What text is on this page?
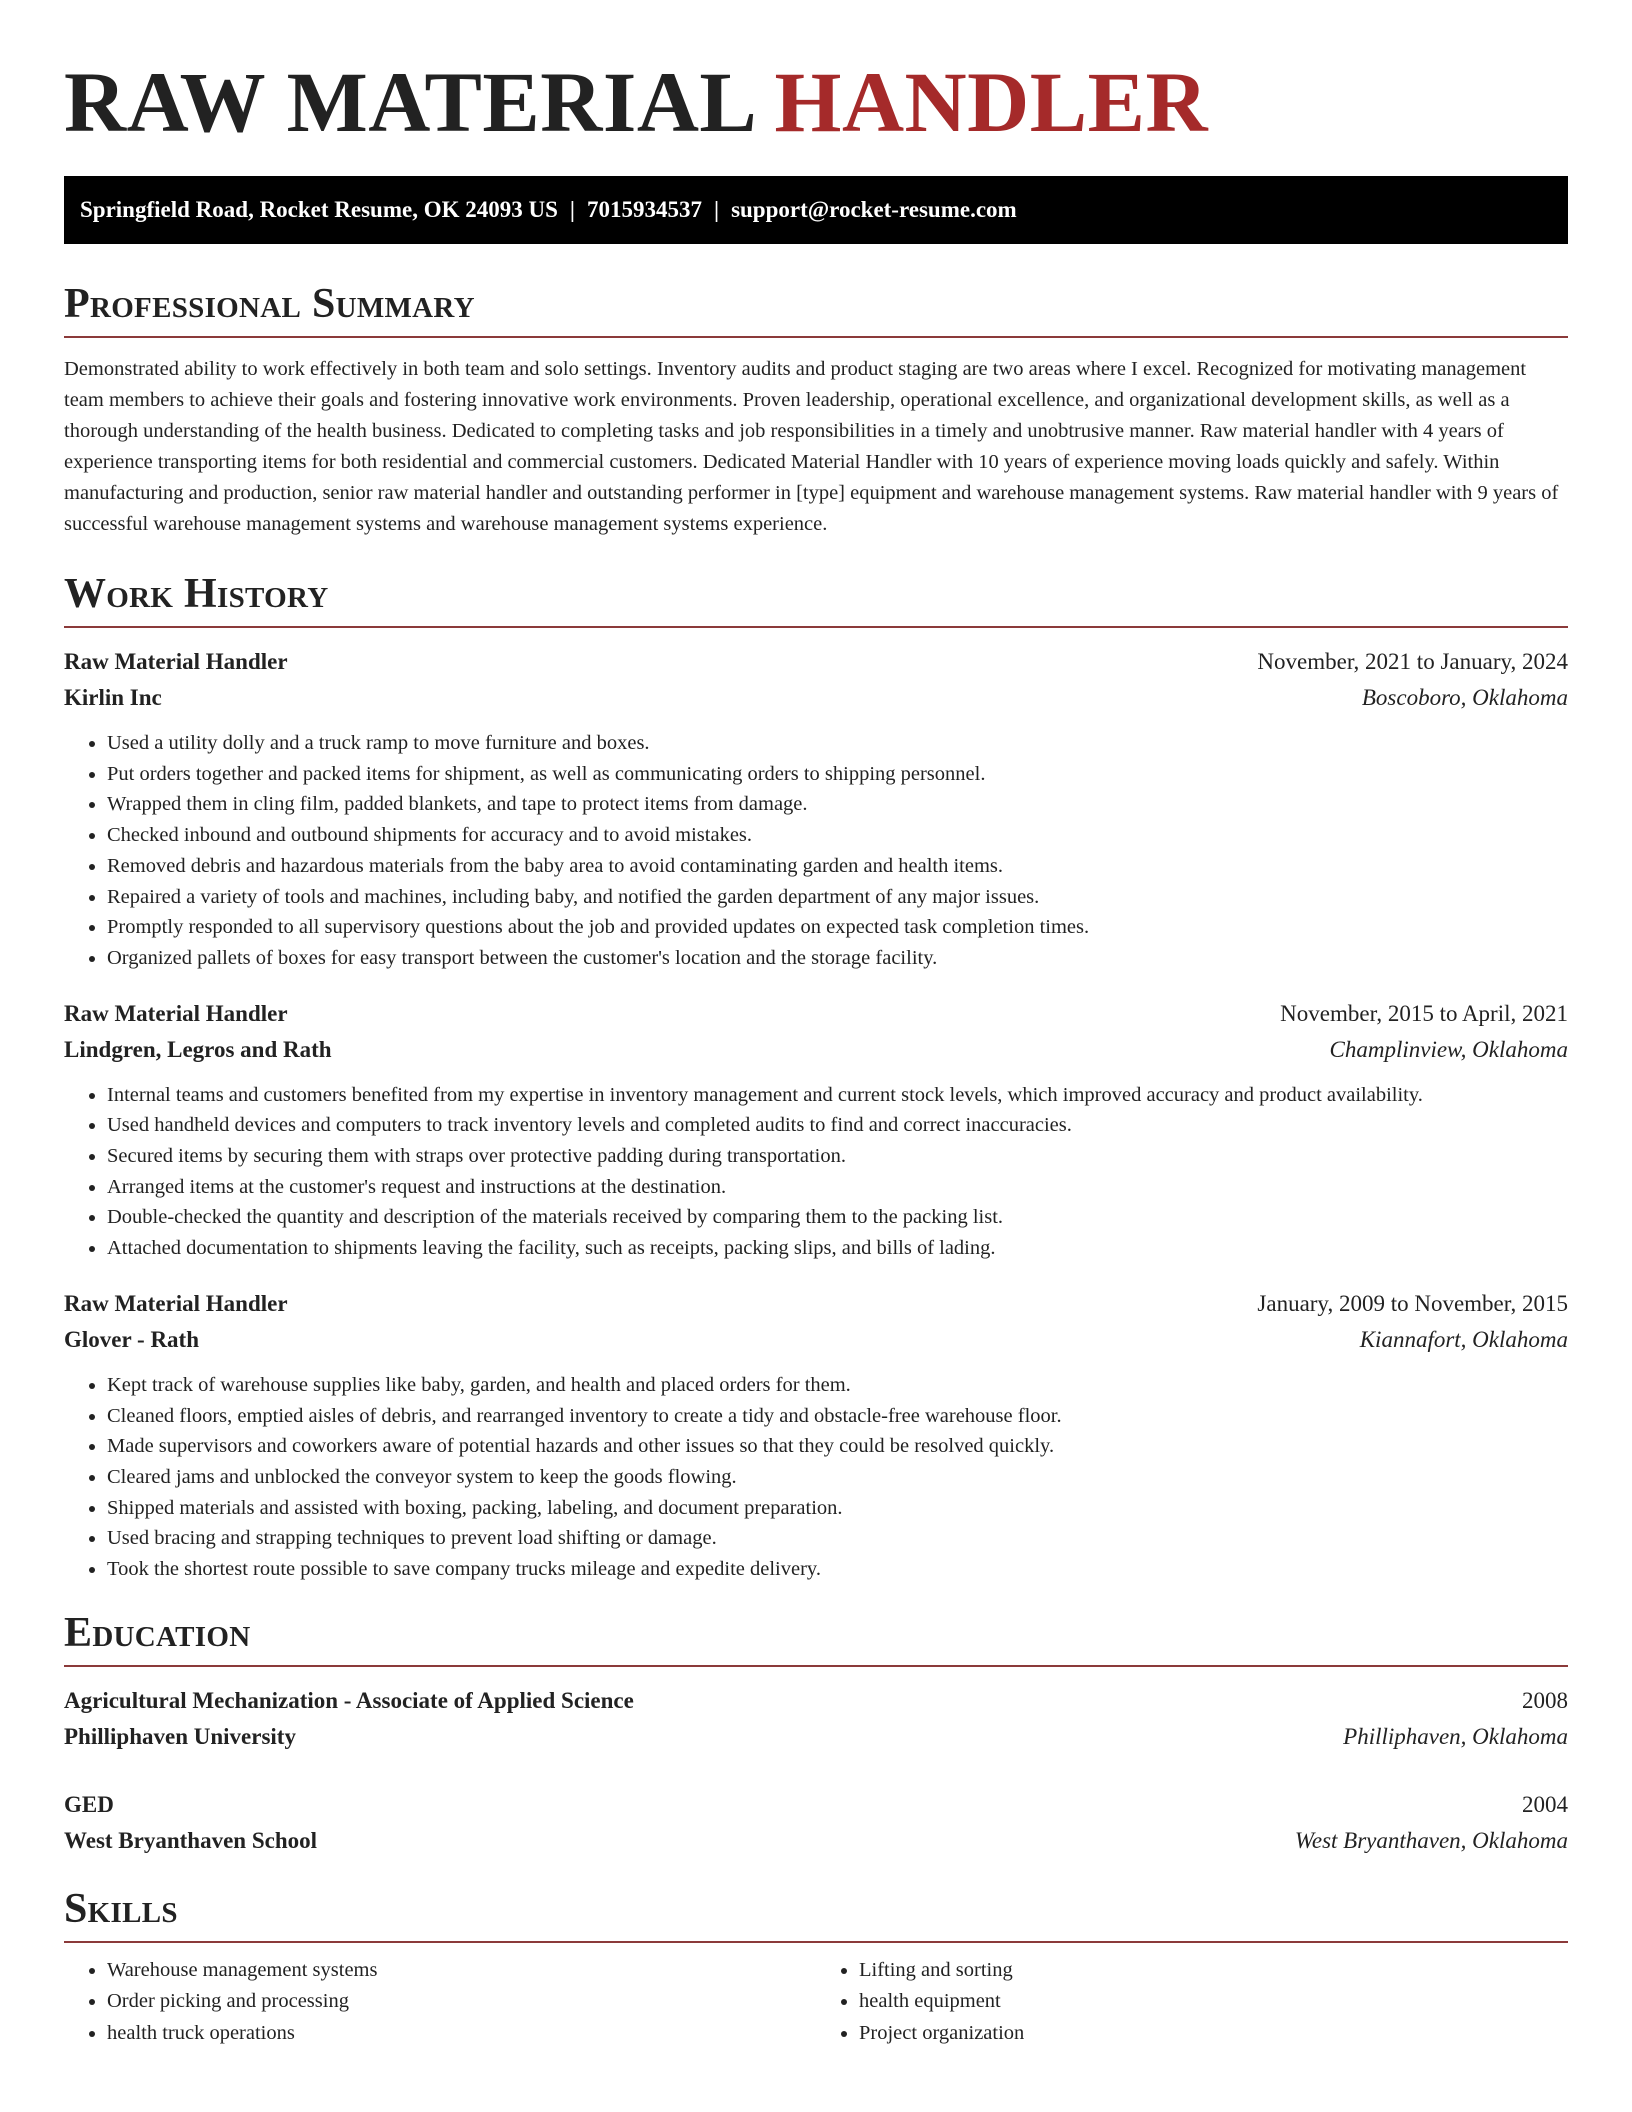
RAW MATERIAL HANDLER
Springfield Road, Rocket Resume, OK 24093 US | 7015934537 | support@rocket-resume.com
Professional Summary

Demonstrated ability to work effectively in both team and solo settings. Inventory audits and product staging are two areas where I excel. Recognized for motivating management team members to achieve their goals and fostering innovative work environments. Proven leadership, operational excellence, and organizational development skills, as well as a thorough understanding of the health business. Dedicated to completing tasks and job responsibilities in a timely and unobtrusive manner. Raw material handler with 4 years of experience transporting items for both residential and commercial customers. Dedicated Material Handler with 10 years of experience moving loads quickly and safely. Within manufacturing and production, senior raw material handler and outstanding performer in [type] equipment and warehouse management systems. Raw material handler with 9 years of successful warehouse management systems and warehouse management systems experience.

Work History
Raw Material Handler	November, 2021 to January, 2024
Kirlin Inc	Boscoboro, Oklahoma
• Used a utility dolly and a truck ramp to move furniture and boxes.
• Put orders together and packed items for shipment, as well as communicating orders to shipping personnel.
• Wrapped them in cling film, padded blankets, and tape to protect items from damage.
• Checked inbound and outbound shipments for accuracy and to avoid mistakes.
• Removed debris and hazardous materials from the baby area to avoid contaminating garden and health items.
• Repaired a variety of tools and machines, including baby, and notified the garden department of any major issues.
• Promptly responded to all supervisory questions about the job and provided updates on expected task completion times.
• Organized pallets of boxes for easy transport between the customer's location and the storage facility.
Raw Material Handler	November, 2015 to April, 2021
Lindgren, Legros and Rath	Champlinview, Oklahoma
• Internal teams and customers benefited from my expertise in inventory management and current stock levels, which improved accuracy and product availability.
• Used handheld devices and computers to track inventory levels and completed audits to find and correct inaccuracies.
• Secured items by securing them with straps over protective padding during transportation.
• Arranged items at the customer's request and instructions at the destination.
• Double-checked the quantity and description of the materials received by comparing them to the packing list.
• Attached documentation to shipments leaving the facility, such as receipts, packing slips, and bills of lading.
Raw Material Handler	January, 2009 to November, 2015
Glover - Rath	Kiannafort, Oklahoma
• Kept track of warehouse supplies like baby, garden, and health and placed orders for them.
• Cleaned floors, emptied aisles of debris, and rearranged inventory to create a tidy and obstacle-free warehouse floor.
• Made supervisors and coworkers aware of potential hazards and other issues so that they could be resolved quickly.
• Cleared jams and unblocked the conveyor system to keep the goods flowing.
• Shipped materials and assisted with boxing, packing, labeling, and document preparation.
• Used bracing and strapping techniques to prevent load shifting or damage.
• Took the shortest route possible to save company trucks mileage and expedite delivery.
Education
Agricultural Mechanization - Associate of Applied Science	2008
Philliphaven University	Philliphaven, Oklahoma
GED	2004
West Bryanthaven School	West Bryanthaven, Oklahoma
Skills
• Warehouse management systems
• Order picking and processing
• health truck operations
• Lifting and sorting
• health equipment
• Project organization
